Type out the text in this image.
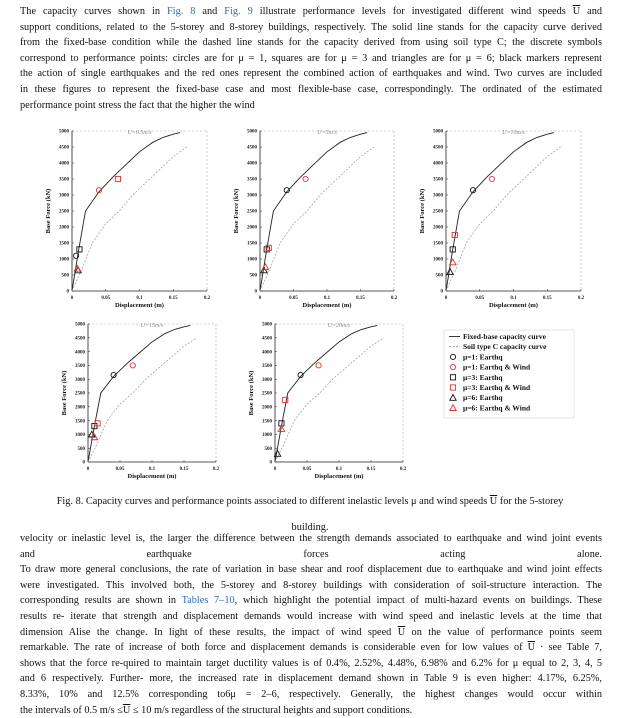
The capacity curves shown in Fig. 8 and Fig. 9 illustrate performance levels for investigated different wind speeds $\overline{U}$ and

support conditions, related to the 5-storey and 8-storey buildings, respectively. The solid line stands for the capacity curve derived

from the fixed-base condition while the dashed line stands for the capacity derived from using soil type C; the discrete symbols

correspond to performance points: circles are for μ = 1, squares are for μ = 3 and triangles are for μ = 6; black markers represent

the action of single earthquakes and the red ones represent the combined action of earthquakes and wind. Two curves are included

in these figures to represent the fixed-base case and most flexible-base case, correspondingly. The ordinated of the estimated

performance point stress the fact that the higher the wind

0
500
1000
1500
2000
2500
3000
3500
4000
4500
5000
0	0.05	0.1	0.15	0.2
Displacement (m)
Base Force (kN)
U=0.5m/s
0
500
1000
1500
2000
2500
3000
3500
4000
4500
5000
0	0.05	0.1	0.15	0.2
Displacement (m)
Base Force (kN)
U=5m/s
0
500
1000
1500
2000
2500
3000
3500
4000
4500
5000
0	0.05	0.1	0.15	0.2
Displacement (m)
Base Force (kN)
U=10m/s
0
500
1000
1500
2000
2500
3000
3500
4000
4500
5000
0	0.05	0.1	0.15	0.2
Displacement (m)
Base Force (kN)
U=15m/s
0
500
1000
1500
2000
2500
3000
3500
4000
4500
5000
0	0.05	0.1	0.15	0.2
Displacement (m)
Base Force (kN)
U=20m/s
Fixed-base capacity curve
Soil type C capacity curve
μ=1: Earthq
μ=1: Earthq & Wind
μ=3: Earthq
μ=3: Earthq & Wind
μ=6: Earthq
μ=6: Earthq & Wind

Fig. 8. Capacity curves and performance points associated to different inelastic levels μ and wind speeds $\overline{U}$ for the 5-storey

building.

velocity or inelastic level is, the larger the difference between the strength demands associated to earthquake and wind joint events

and earthquake forces acting alone.

To draw more general conclusions, the rate of variation in base shear and roof displacement due to earthquake and wind joint effects

were investigated. This involved both, the 5-storey and 8-storey buildings with consideration of soil-structure interaction. The

corresponding results are shown in Tables 7–10, which highlight the potential impact of multi-hazard events on buildings. These

results re- iterate that strength and displacement demands would increase with wind speed and inelastic levels at the time that

dimension Alise the change. In light of these results, the impact of wind speed $\overline{U}$ on the value of performance points seem

remarkable. The rate of increase of both force and displacement demands is considerable even for low values of $\overline{U}$ · see Table 7,

shows that the force re-quired to maintain target ductility values is of 0.4%, 2.52%, 4.48%, 6.98% and 6.2% for μ equal to 2, 3, 4, 5

and 6 respectively. Further- more, the increased rate in displacement demand shown in Table 9 is even higher: 4.17%, 6.25%,

8.33%, 10% and 12.5% corresponding to6μ = 2–6, respectively. Generally, the highest changes would occur within

the intervals of 0.5 $m/s \le\overline{U} \le 10$ m/s regardless of the structural heights and support conditions.
